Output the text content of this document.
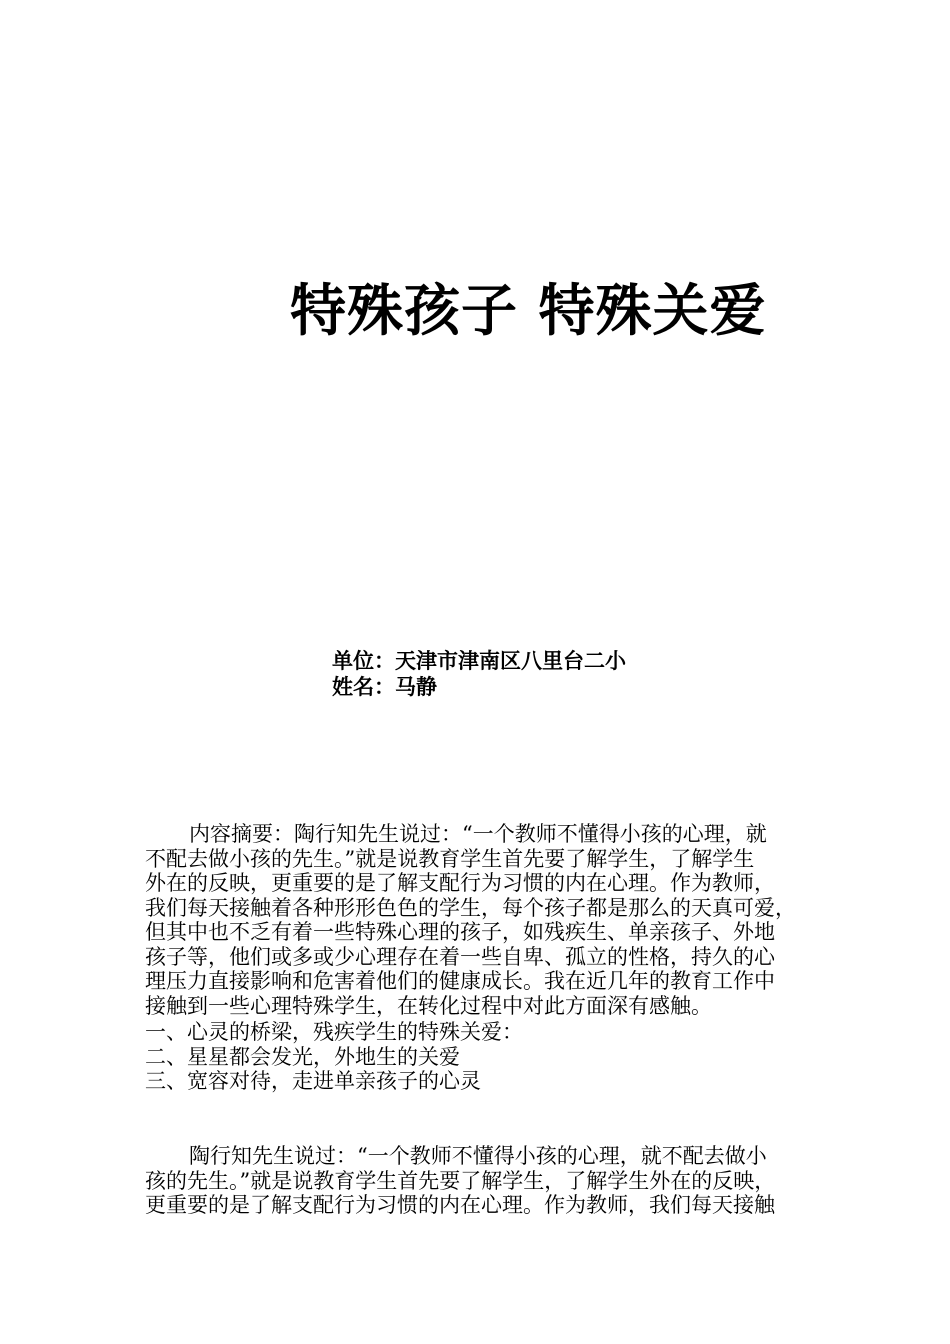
特殊孩子 特殊关爱
单位：天津市津南区八里台二小
姓名：马静
内容摘要：陶行知先生说过：“一个教师不懂得小孩的心理，就
不配去做小孩的先生。”就是说教育学生首先要了解学生，了解学生
外在的反映，更重要的是了解支配行为习惯的内在心理。作为教师，
我们每天接触着各种形形色色的学生，每个孩子都是那么的天真可爱，
但其中也不乏有着一些特殊心理的孩子，如残疾生、单亲孩子、外地
孩子等，他们或多或少心理存在着一些自卑、孤立的性格，持久的心
理压力直接影响和危害着他们的健康成长。我在近几年的教育工作中
接触到一些心理特殊学生，在转化过程中对此方面深有感触。
一、心灵的桥梁，残疾学生的特殊关爱：
二、星星都会发光，外地生的关爱
三、宽容对待，走进单亲孩子的心灵
陶行知先生说过：“一个教师不懂得小孩的心理，就不配去做小
孩的先生。”就是说教育学生首先要了解学生，了解学生外在的反映，
更重要的是了解支配行为习惯的内在心理。作为教师，我们每天接触
